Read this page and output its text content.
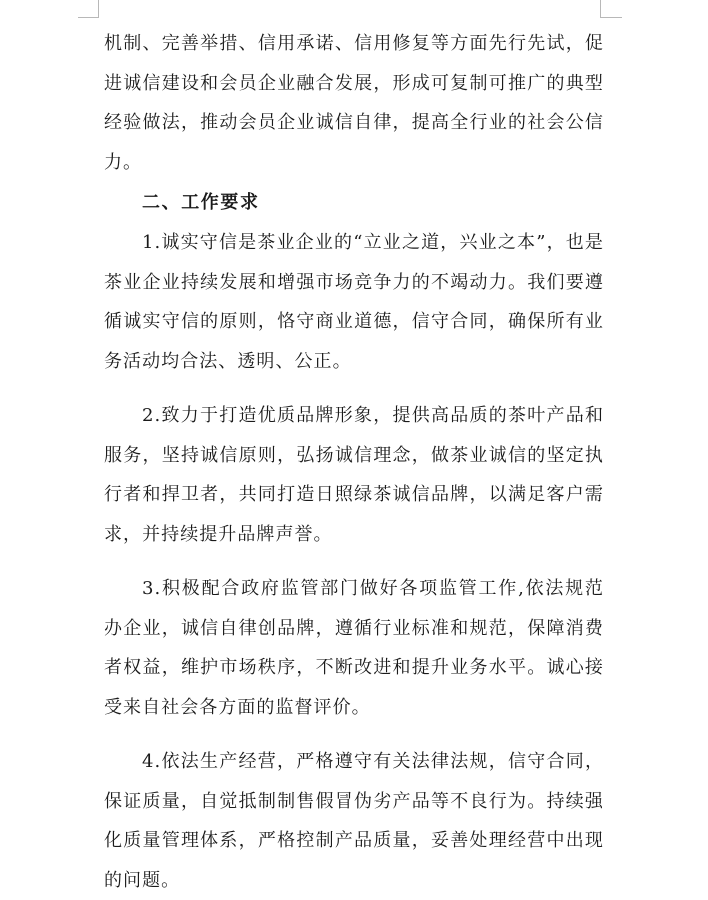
机制、完善举措、信用承诺、信用修复等方面先行先试，促进诚信建设和会员企业融合发展，形成可复制可推广的典型经验做法，推动会员企业诚信自律，提高全行业的社会公信力。

二、工作要求

1.诚实守信是茶业企业的“立业之道，兴业之本”，也是茶业企业持续发展和增强市场竞争力的不竭动力。我们要遵循诚实守信的原则，恪守商业道德，信守合同，确保所有业务活动均合法、透明、公正。

2.致力于打造优质品牌形象，提供高品质的茶叶产品和服务，坚持诚信原则，弘扬诚信理念，做茶业诚信的坚定执行者和捍卫者，共同打造日照绿茶诚信品牌，以满足客户需求，并持续提升品牌声誉。

3.积极配合政府监管部门做好各项监管工作,依法规范办企业，诚信自律创品牌，遵循行业标准和规范，保障消费者权益，维护市场秩序，不断改进和提升业务水平。诚心接受来自社会各方面的监督评价。

4.依法生产经营，严格遵守有关法律法规，信守合同，保证质量，自觉抵制制售假冒伪劣产品等不良行为。持续强化质量管理体系，严格控制产品质量，妥善处理经营中出现的问题。
